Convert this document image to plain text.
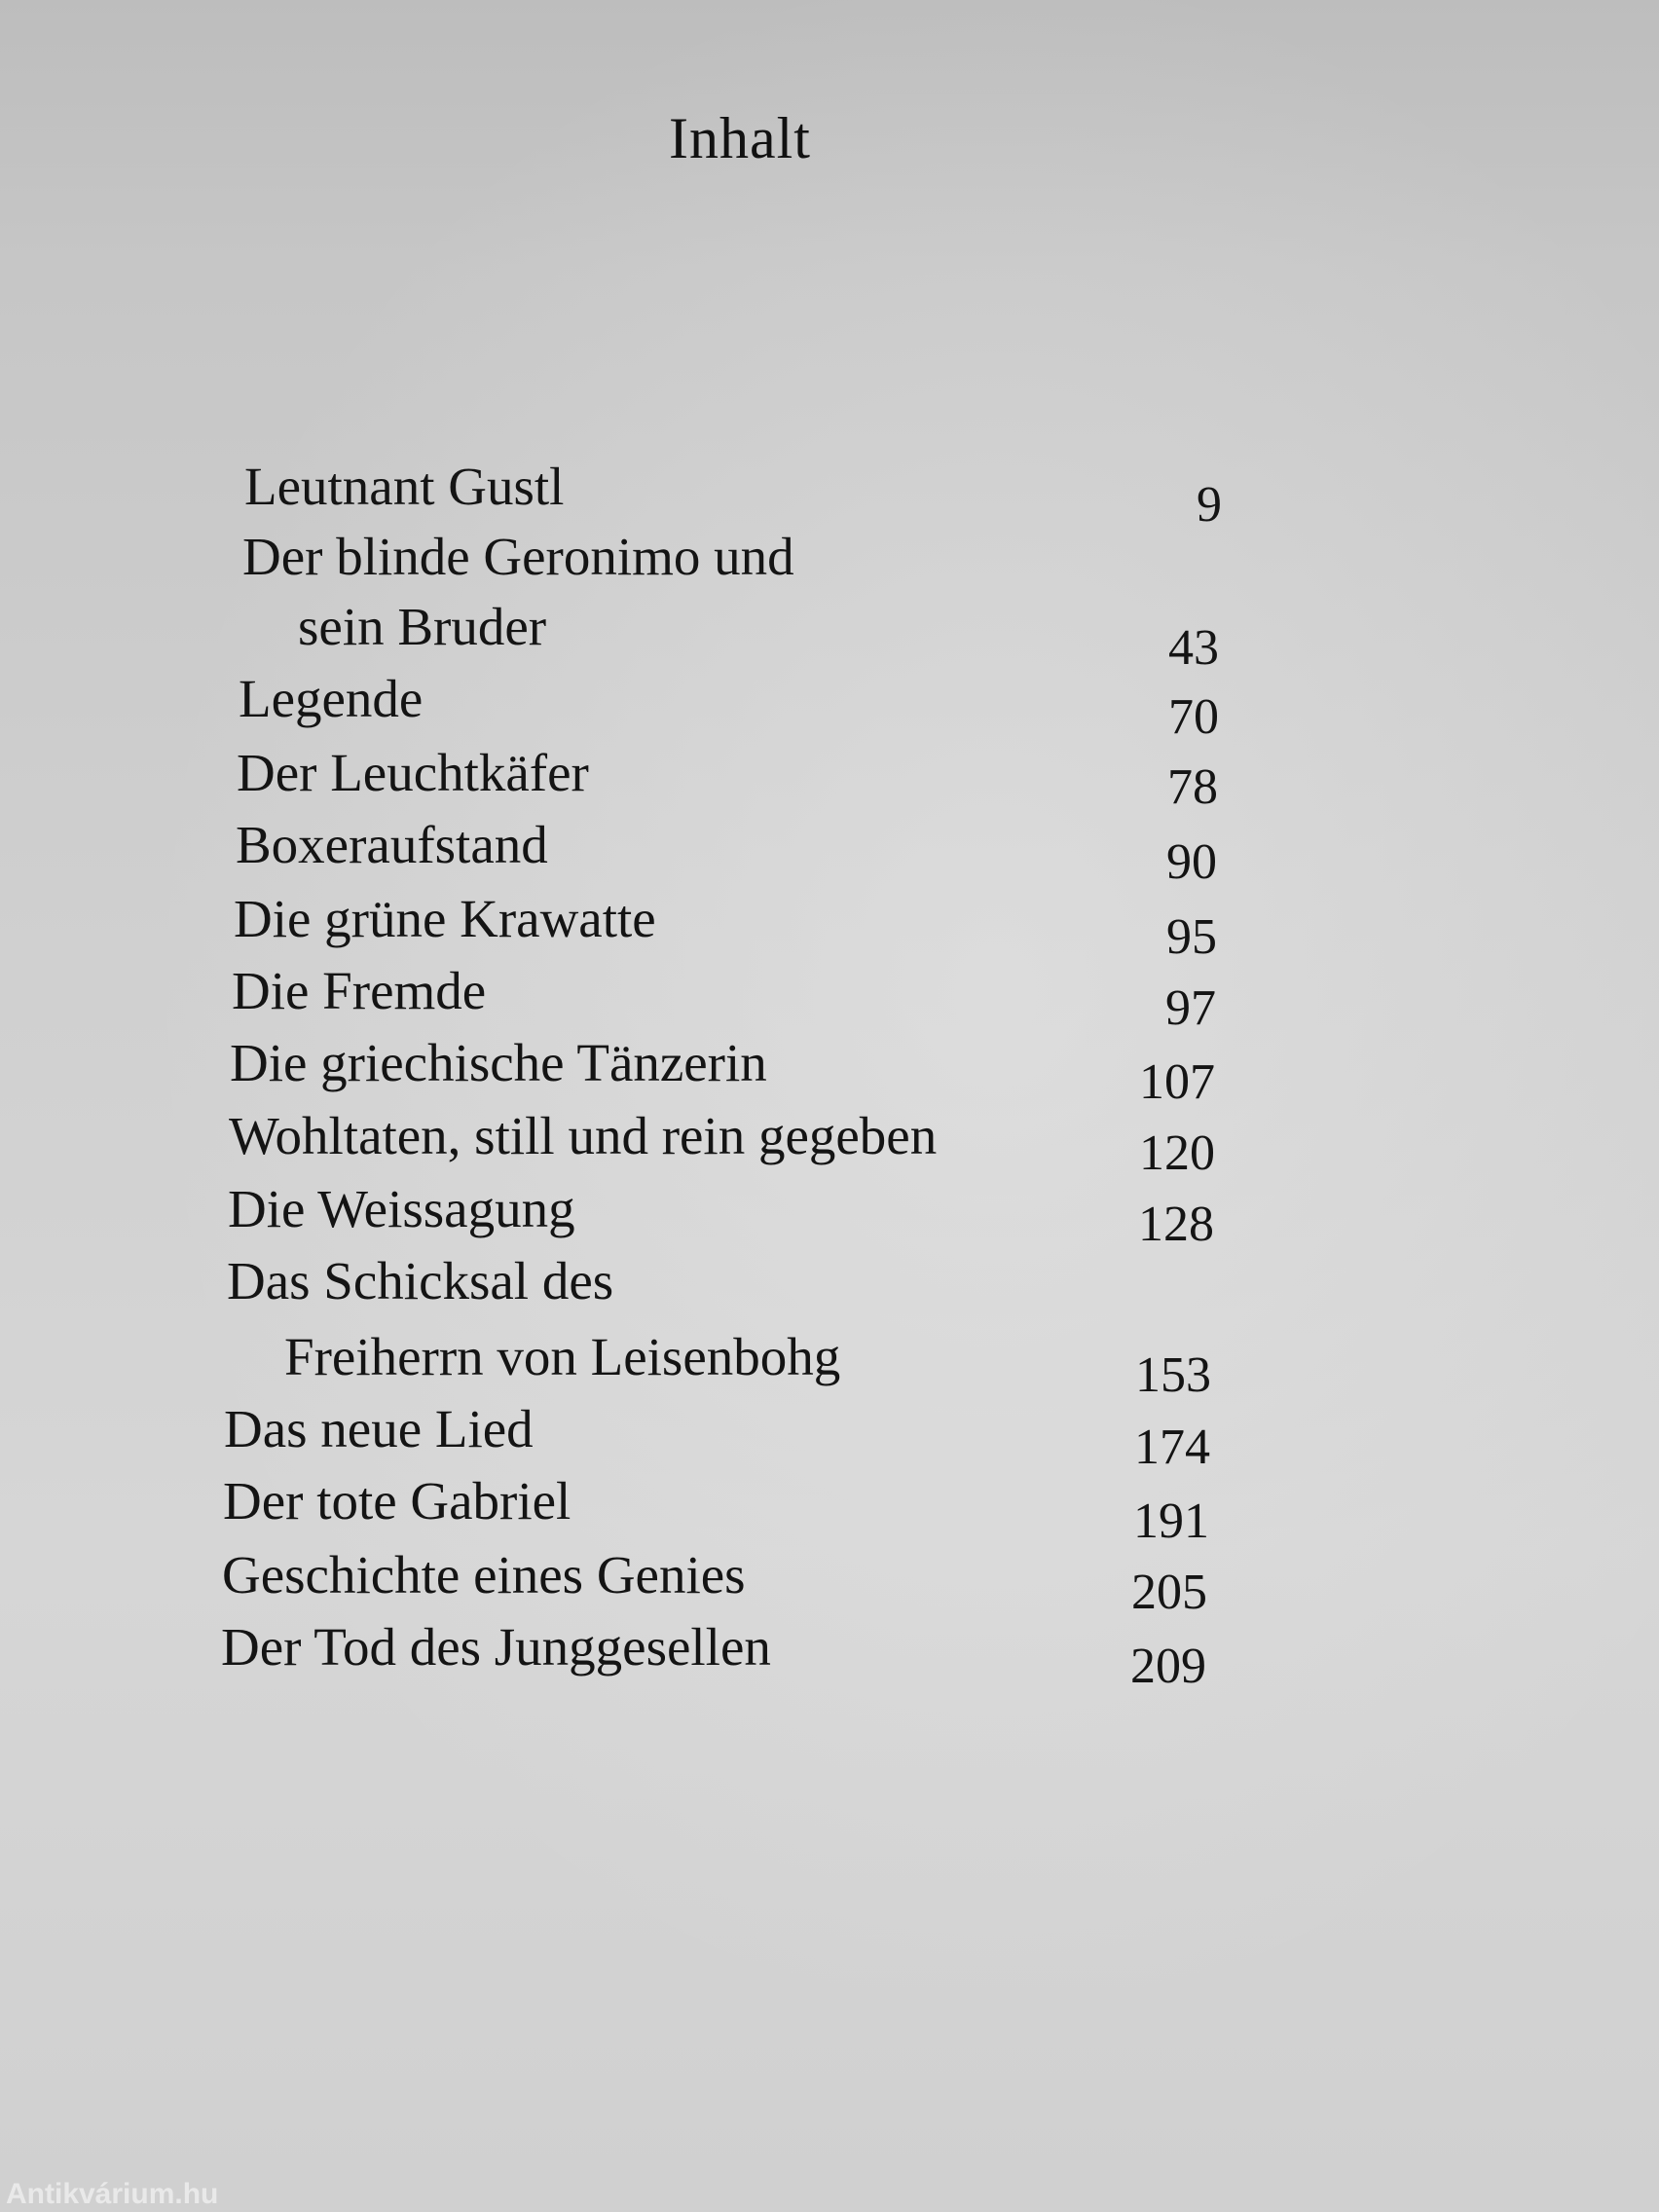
Inhalt
Leutnant Gustl	9
Der blinde Geronimo und
sein Bruder	43
Legende	70
Der Leuchtkäfer	78
Boxeraufstand	90
Die grüne Krawatte	95
Die Fremde	97
Die griechische Tänzerin	107
Wohltaten, still und rein gegeben	120
Die Weissagung	128
Das Schicksal des
Freiherrn von Leisenbohg	153
Das neue Lied	174
Der tote Gabriel	191
Geschichte eines Genies	205
Der Tod des Junggesellen	209
Antikvárium.hu
